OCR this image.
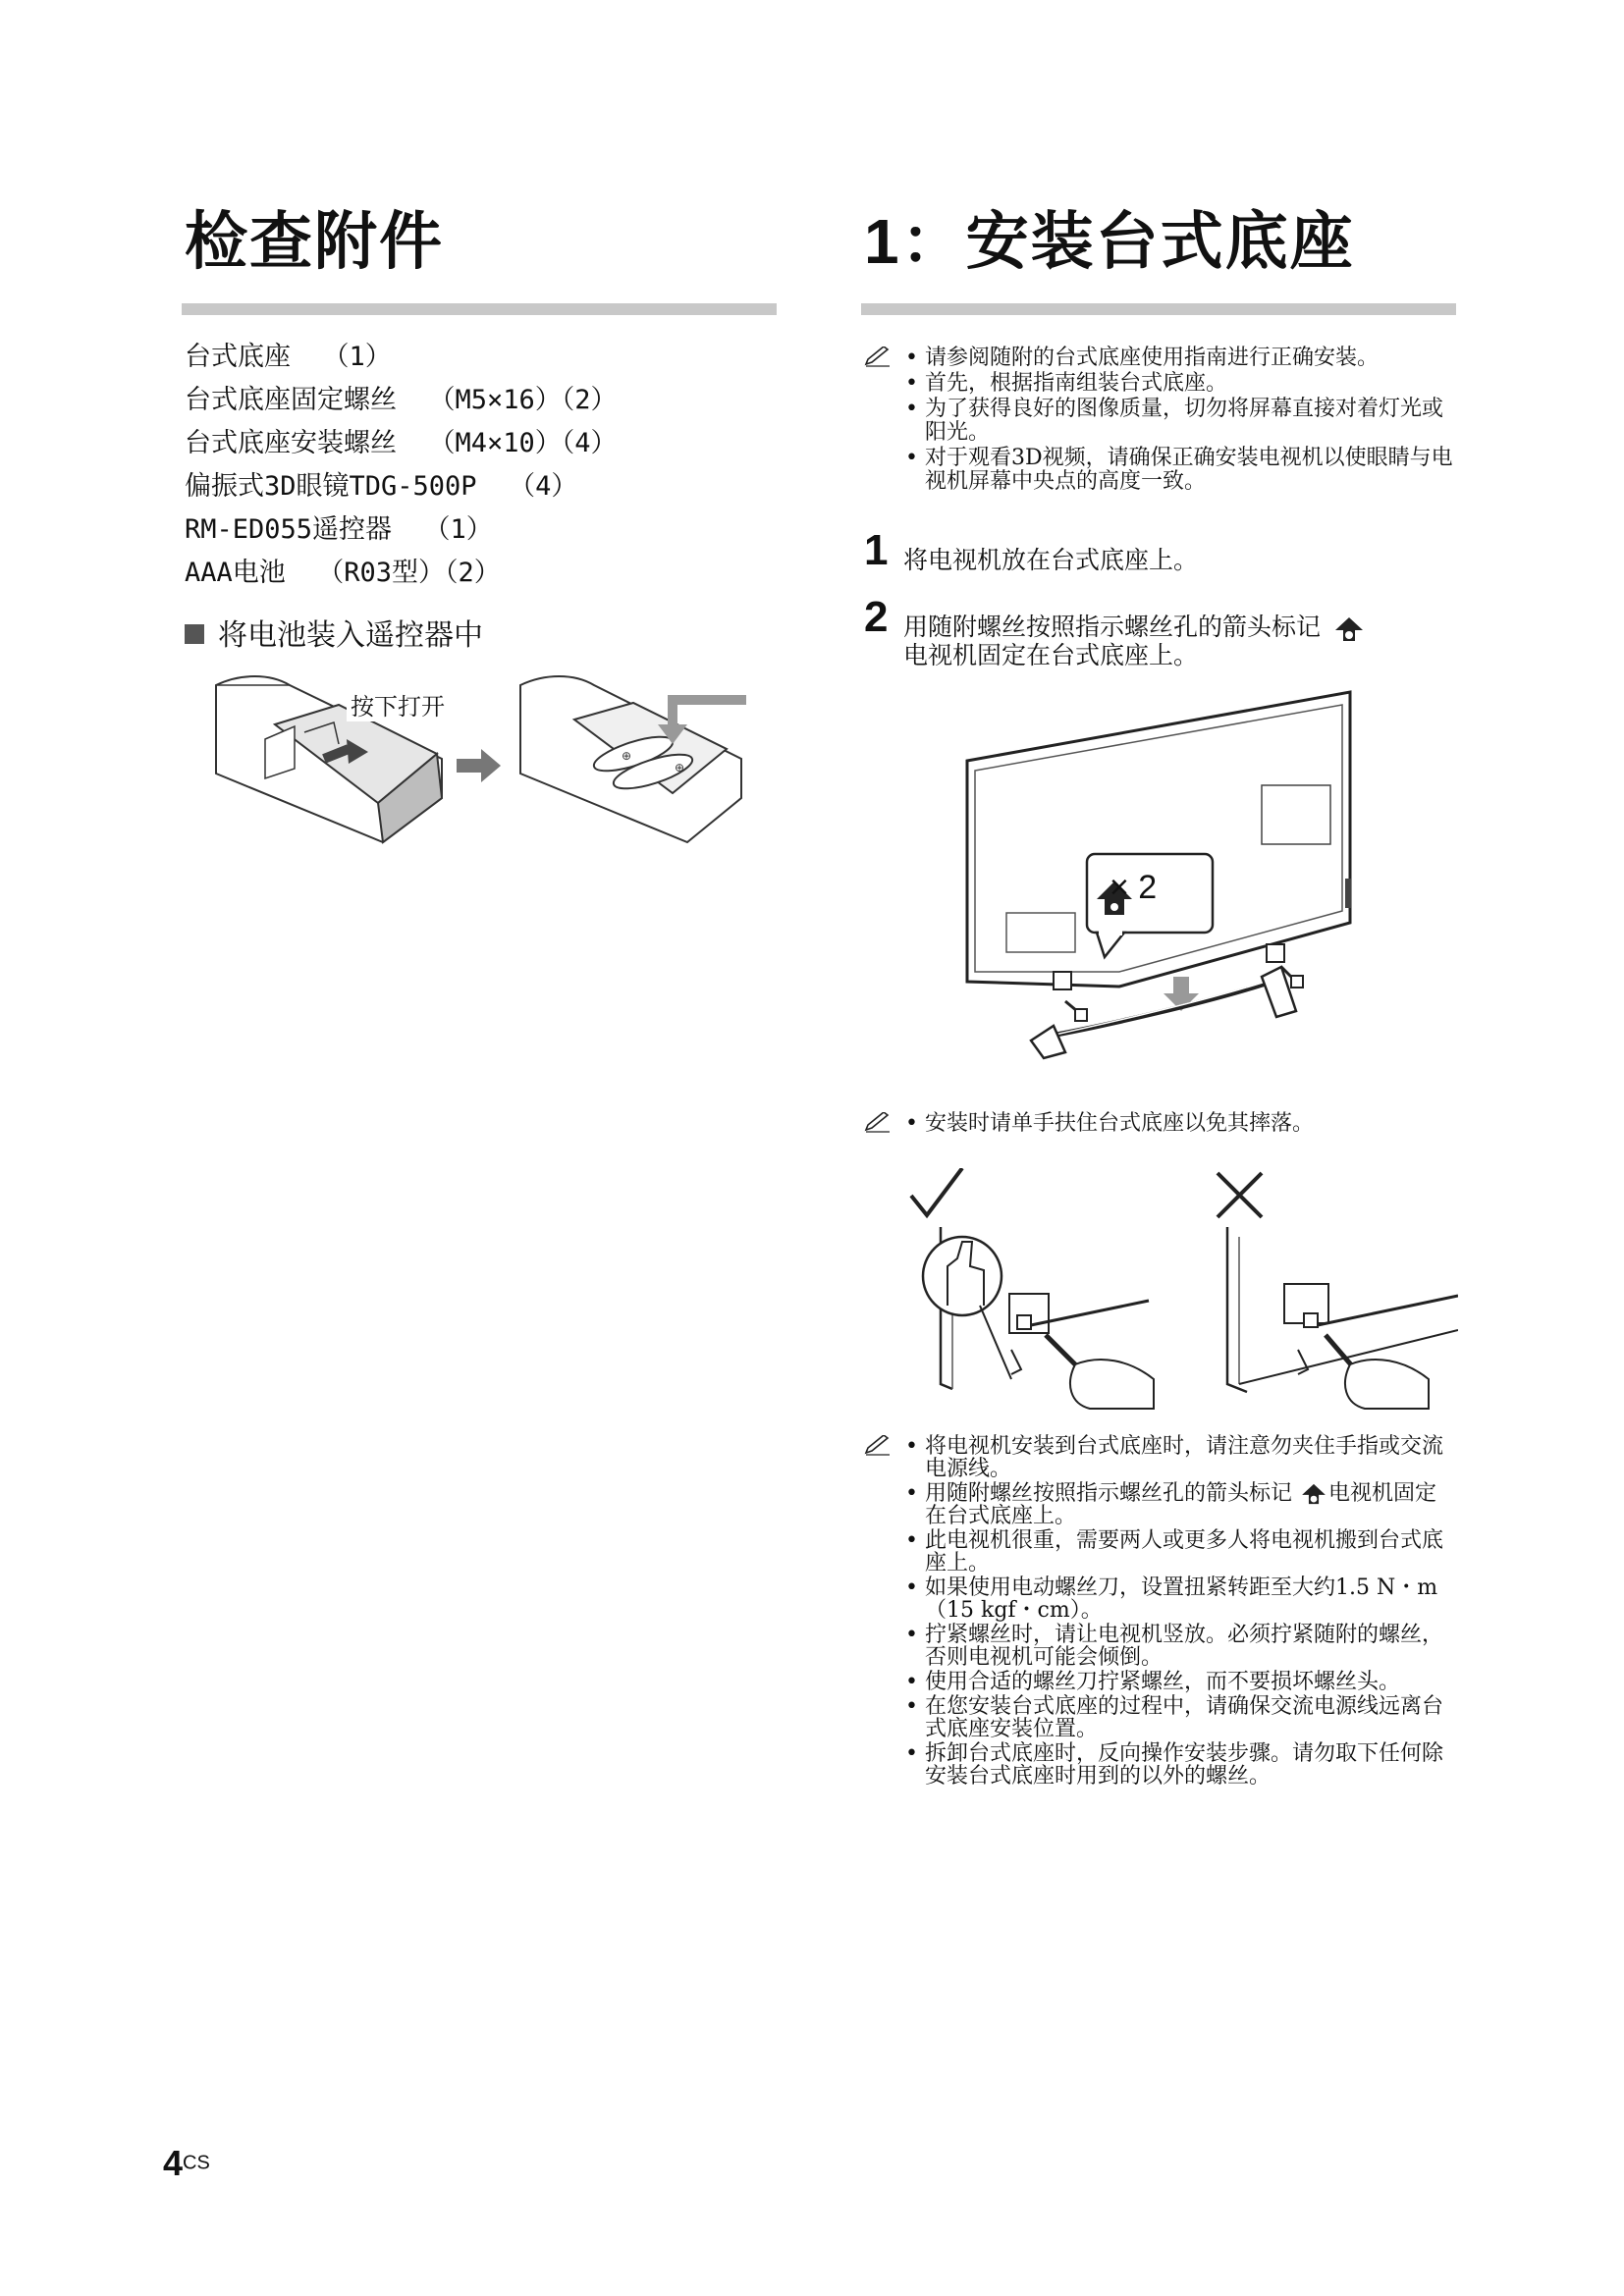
检查附件
台式底座  （1）
台式底座固定螺丝  （M5×16）（2）
台式底座安装螺丝  （M4×10）（4）
偏振式3D眼镜TDG-500P  （4）
RM-ED055遥控器  （1）
AAA电池  （R03型）（2）
将电池装入遥控器中
⊕
⊕
按下打开
1：安装台式底座
• 请参阅随附的台式底座使用指南进行正确安装。
• 首先，根据指南组装台式底座。
• 为了获得良好的图像质量，切勿将屏幕直接对着灯光或阳光。
• 对于观看3D视频，请确保正确安装电视机以使眼睛与电视机屏幕中央点的高度一致。
1 将电视机放在台式底座上。
2 用随附螺丝按照指示螺丝孔的箭头标记
电视机固定在台式底座上。
× 2
• 安装时请单手扶住台式底座以免其摔落。
• 将电视机安装到台式底座时，请注意勿夹住手指或交流电源线。
• 用随附螺丝按照指示螺丝孔的箭头标记 电视机固定在台式底座上。
• 此电视机很重，需要两人或更多人将电视机搬到台式底座上。
• 如果使用电动螺丝刀，设置扭紧转距至大约1.5 N・m （15 kgf・cm）。
• 拧紧螺丝时，请让电视机竖放。必须拧紧随附的螺丝，否则电视机可能会倾倒。
• 使用合适的螺丝刀拧紧螺丝，而不要损坏螺丝头。
• 在您安装台式底座的过程中，请确保交流电源线远离台式底座安装位置。
• 拆卸台式底座时，反向操作安装步骤。请勿取下任何除安装台式底座时用到的以外的螺丝。
4CS
